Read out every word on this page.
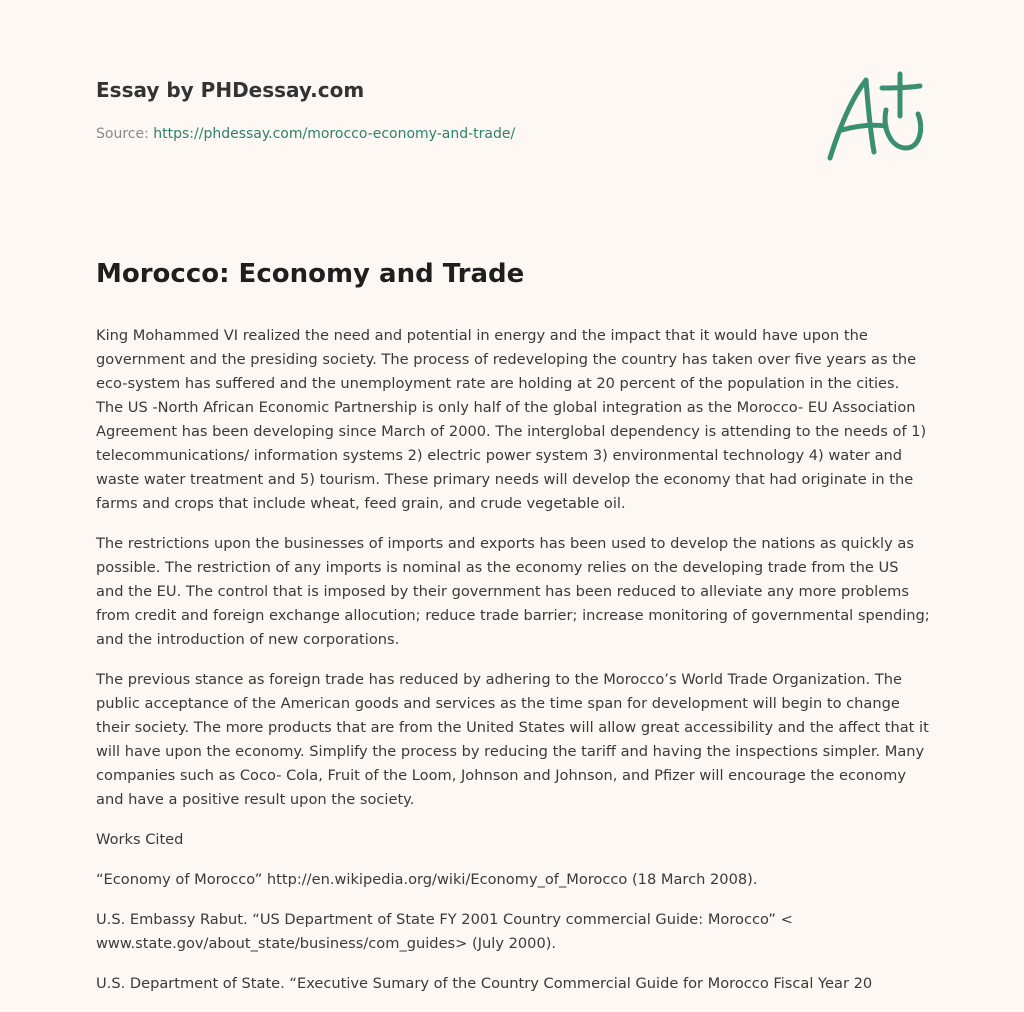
Essay by PHDessay.com
Source: https://phdessay.com/morocco-economy-and-trade/
Morocco: Economy and Trade

King Mohammed VI realized the need and potential in energy and the impact that it would have upon the government and the presiding society. The process of redeveloping the country has taken over five years as the eco-system has suffered and the unemployment rate are holding at 20 percent of the population in the cities. The US -North African Economic Partnership is only half of the global integration as the Morocco- EU Association Agreement has been developing since March of 2000. The interglobal dependency is attending to the needs of 1) telecommunications/ information systems 2) electric power system 3) environmental technology 4) water and waste water treatment and 5) tourism. These primary needs will develop the economy that had originate in the farms and crops that include wheat, feed grain, and crude vegetable oil.

The restrictions upon the businesses of imports and exports has been used to develop the nations as quickly as possible. The restriction of any imports is nominal as the economy relies on the developing trade from the US and the EU. The control that is imposed by their government has been reduced to alleviate any more problems from credit and foreign exchange allocution; reduce trade barrier; increase monitoring of governmental spending; and the introduction of new corporations.

The previous stance as foreign trade has reduced by adhering to the Morocco’s World Trade Organization. The public acceptance of the American goods and services as the time span for development will begin to change their society. The more products that are from the United States will allow great accessibility and the affect that it will have upon the economy. Simplify the process by reducing the tariff and having the inspections simpler. Many companies such as Coco- Cola, Fruit of the Loom, Johnson and Johnson, and Pfizer will encourage the economy and have a positive result upon the society.

Works Cited

“Economy of Morocco” http://en.wikipedia.org/wiki/Economy_of_Morocco (18 March 2008).

U.S. Embassy Rabut. “US Department of State FY 2001 Country commercial Guide: Morocco” < www.state.gov/about_state/business/com_guides> (July 2000).

U.S. Department of State. “Executive Sumary of the Country Commercial Guide for Morocco Fiscal Year 20
